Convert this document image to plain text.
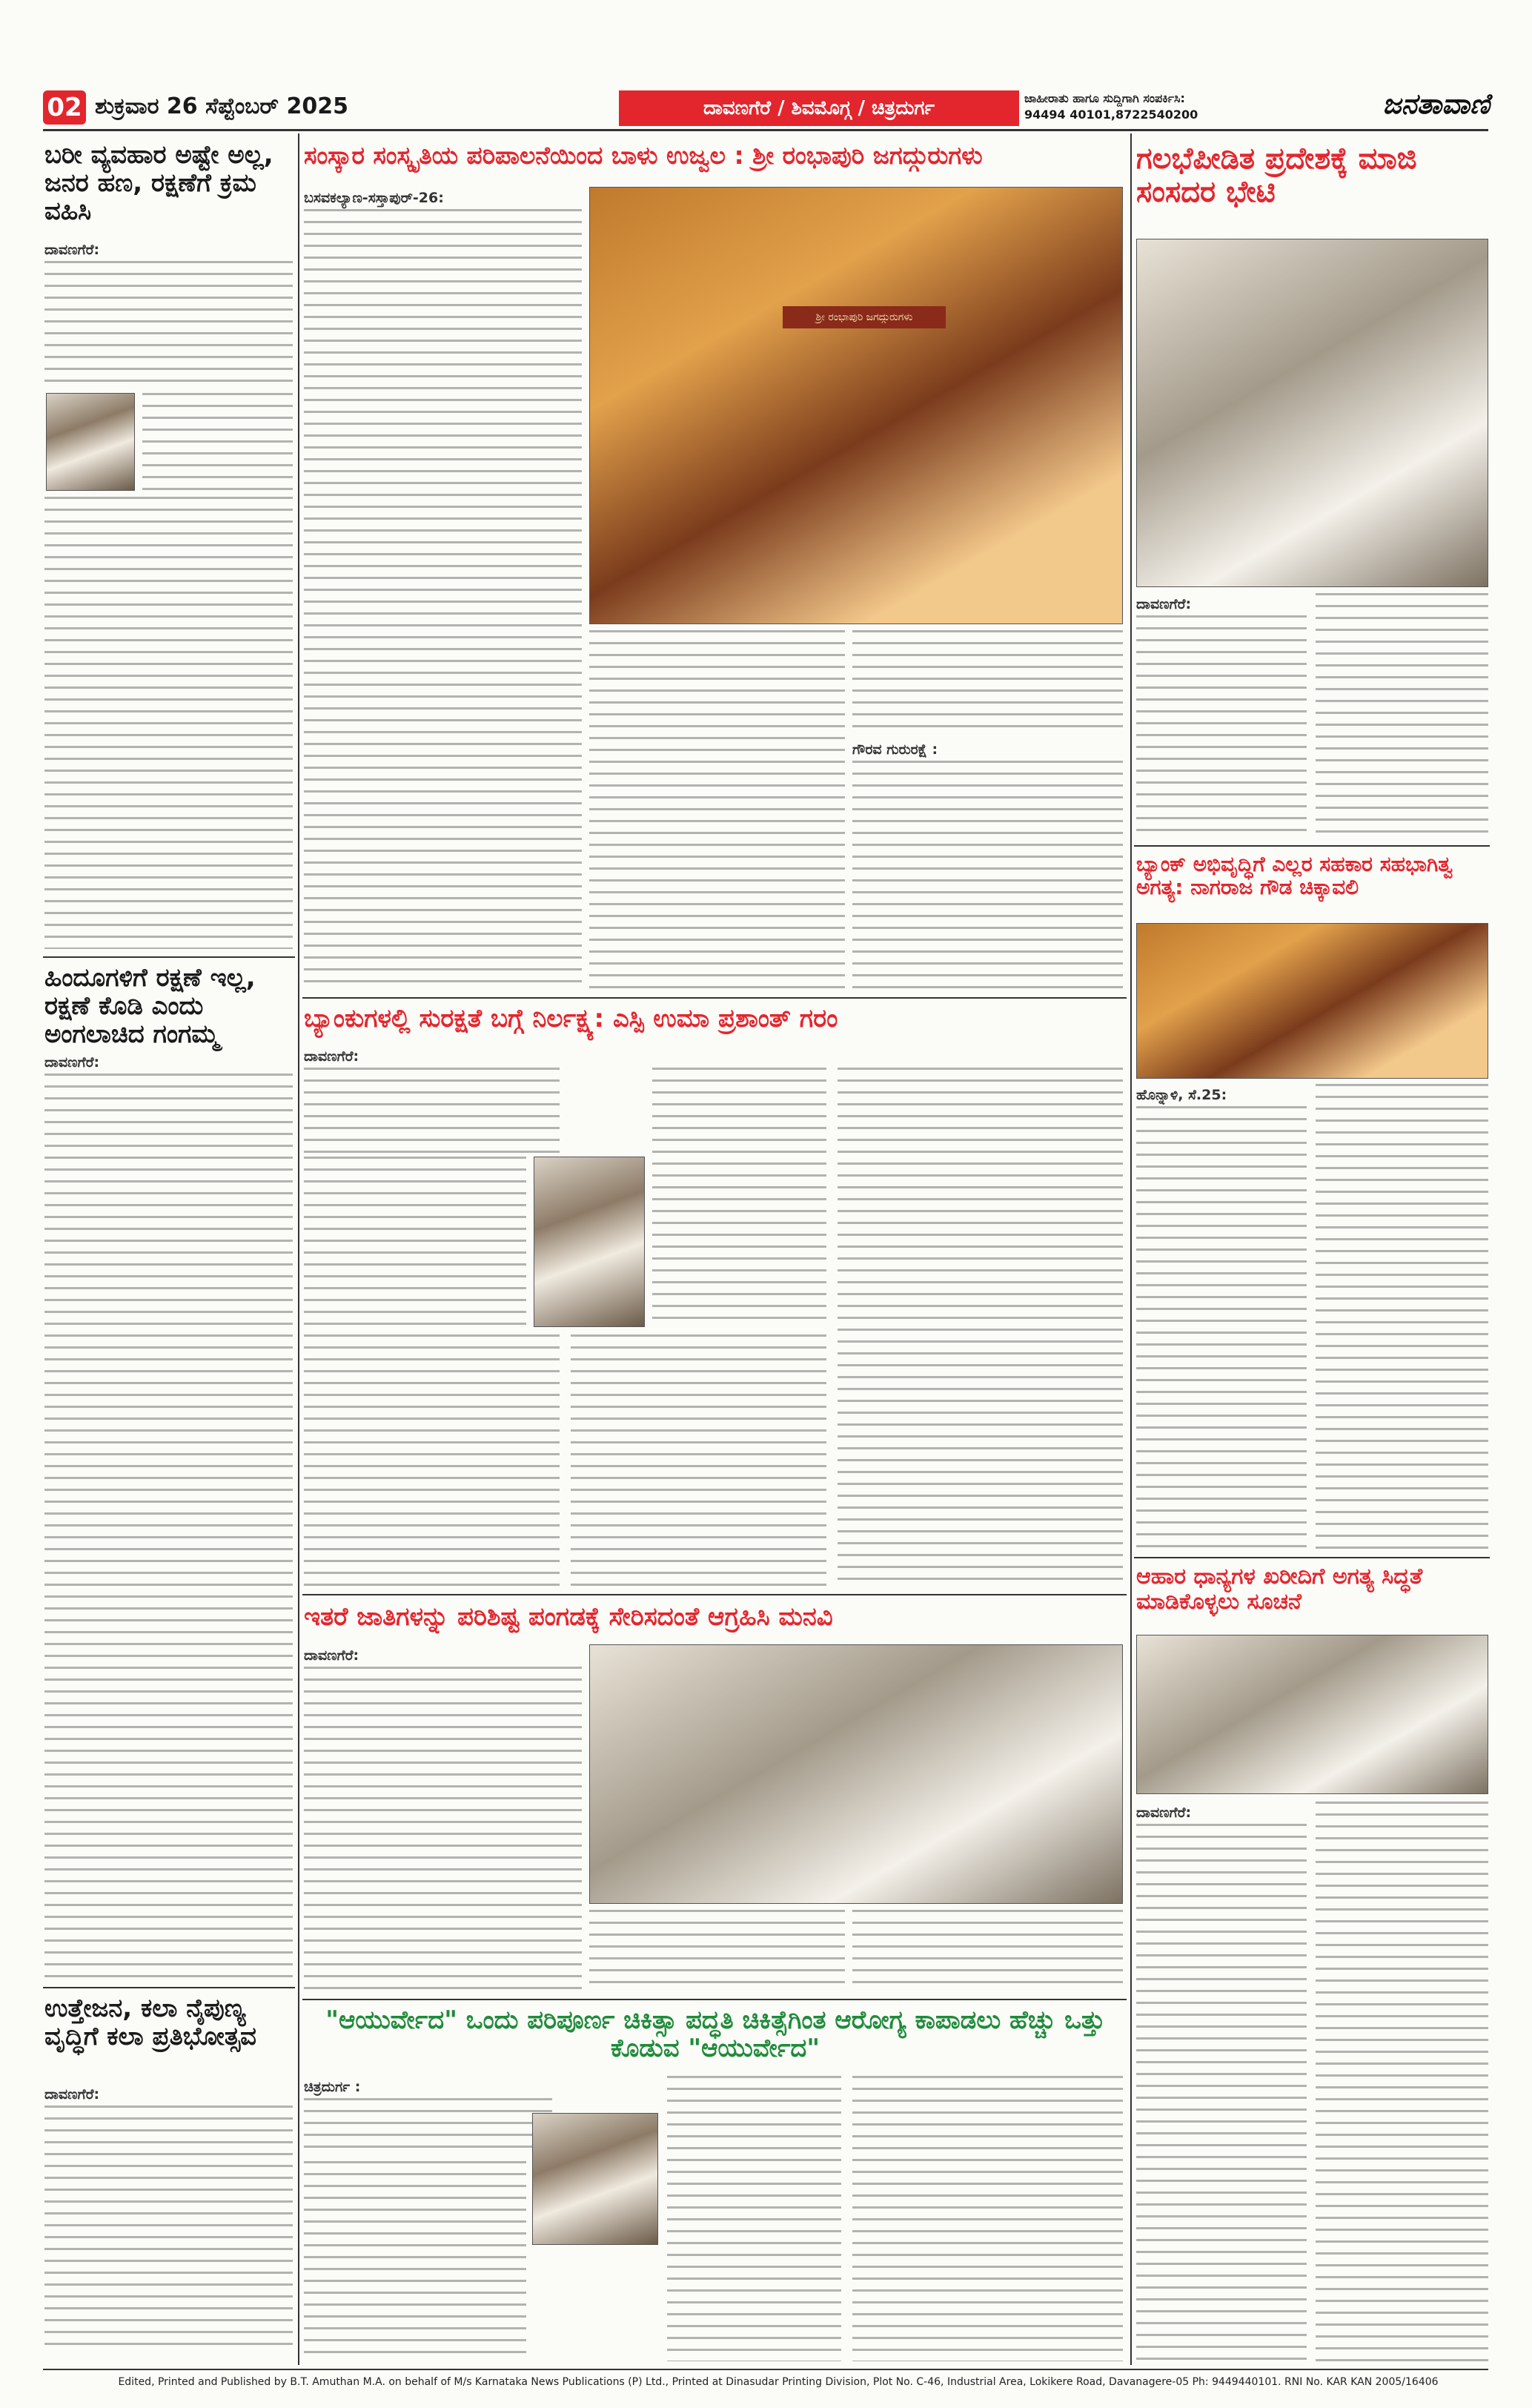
02 ಶುಕ್ರವಾರ 26 ಸೆಪ್ಟೆಂಬರ್ 2025	ದಾವಣಗೆರೆ / ಶಿವಮೊಗ್ಗ / ಚಿತ್ರದುರ್ಗ	ಜಾಹೀರಾತು ಹಾಗೂ ಸುದ್ದಿಗಾಗಿ ಸಂಪರ್ಕಿಸಿ:
94494 40101,8722540200	ಜನತಾವಾಣಿ
ಬರೀ ವ್ಯವಹಾರ ಅಷ್ಟೇ ಅಲ್ಲ, ಜನರ ಹಣ, ರಕ್ಷಣೆಗೆ ಕ್ರಮ ವಹಿಸಿ
ದಾವಣಗೆರೆ:
ಹಿಂದೂಗಳಿಗೆ ರಕ್ಷಣೆ ಇಲ್ಲ, ರಕ್ಷಣೆ ಕೊಡಿ ಎಂದು ಅಂಗಲಾಚಿದ ಗಂಗಮ್ಮ
ದಾವಣಗೆರೆ:
ಉತ್ತೇಜನ, ಕಲಾ ನೈಪುಣ್ಯ ವೃದ್ಧಿಗೆ ಕಲಾ ಪ್ರತಿಭೋತ್ಸವ
ದಾವಣಗೆರೆ:
ಸಂಸ್ಕಾರ ಸಂಸ್ಕೃತಿಯ ಪರಿಪಾಲನೆಯಿಂದ ಬಾಳು ಉಜ್ವಲ : ಶ್ರೀ ರಂಭಾಪುರಿ ಜಗದ್ಗುರುಗಳು
ಬಸವಕಲ್ಯಾಣ-ಸಸ್ತಾಪುರ್-26:
ಶ್ರೀ ರಂಭಾಪುರಿ ಜಗದ್ಗುರುಗಳು
ಗೌರವ ಗುರುರಕ್ಷೆ :
ಬ್ಯಾಂಕುಗಳಲ್ಲಿ ಸುರಕ್ಷತೆ ಬಗ್ಗೆ ನಿರ್ಲಕ್ಷ್ಯ: ಎಸ್ಪಿ ಉಮಾ ಪ್ರಶಾಂತ್ ಗರಂ
ದಾವಣಗೆರೆ:
ಇತರೆ ಜಾತಿಗಳನ್ನು ಪರಿಶಿಷ್ಟ ಪಂಗಡಕ್ಕೆ ಸೇರಿಸದಂತೆ ಆಗ್ರಹಿಸಿ ಮನವಿ
ದಾವಣಗೆರೆ:
"ಆಯುರ್ವೇದ" ಒಂದು ಪರಿಪೂರ್ಣ ಚಿಕಿತ್ಸಾ ಪದ್ಧತಿ ಚಿಕಿತ್ಸೆಗಿಂತ ಆರೋಗ್ಯ ಕಾಪಾಡಲು ಹೆಚ್ಚು ಒತ್ತು ಕೊಡುವ "ಆಯುರ್ವೇದ"
ಚಿತ್ರದುರ್ಗ :
ಗಲಭೆಪೀಡಿತ ಪ್ರದೇಶಕ್ಕೆ ಮಾಜಿ ಸಂಸದರ ಭೇಟಿ
ದಾವಣಗೆರೆ:
ಬ್ಯಾಂಕ್ ಅಭಿವೃದ್ಧಿಗೆ ಎಲ್ಲರ ಸಹಕಾರ ಸಹಭಾಗಿತ್ವ ಅಗತ್ಯ: ನಾಗರಾಜ ಗೌಡ ಚಿಕ್ಕಾವಲಿ
ಹೊನ್ನಾಳಿ, ಸೆ.25:
ಆಹಾರ ಧಾನ್ಯಗಳ ಖರೀದಿಗೆ ಅಗತ್ಯ ಸಿದ್ಧತೆ ಮಾಡಿಕೊಳ್ಳಲು ಸೂಚನೆ
ದಾವಣಗೆರೆ:
Edited, Printed and Published by B.T. Amuthan M.A. on behalf of M/s Karnataka News Publications (P) Ltd., Printed at Dinasudar Printing Division, Plot No. C-46, Industrial Area, Lokikere Road, Davanagere-05 Ph: 9449440101. RNI No. KAR KAN 2005/16406
